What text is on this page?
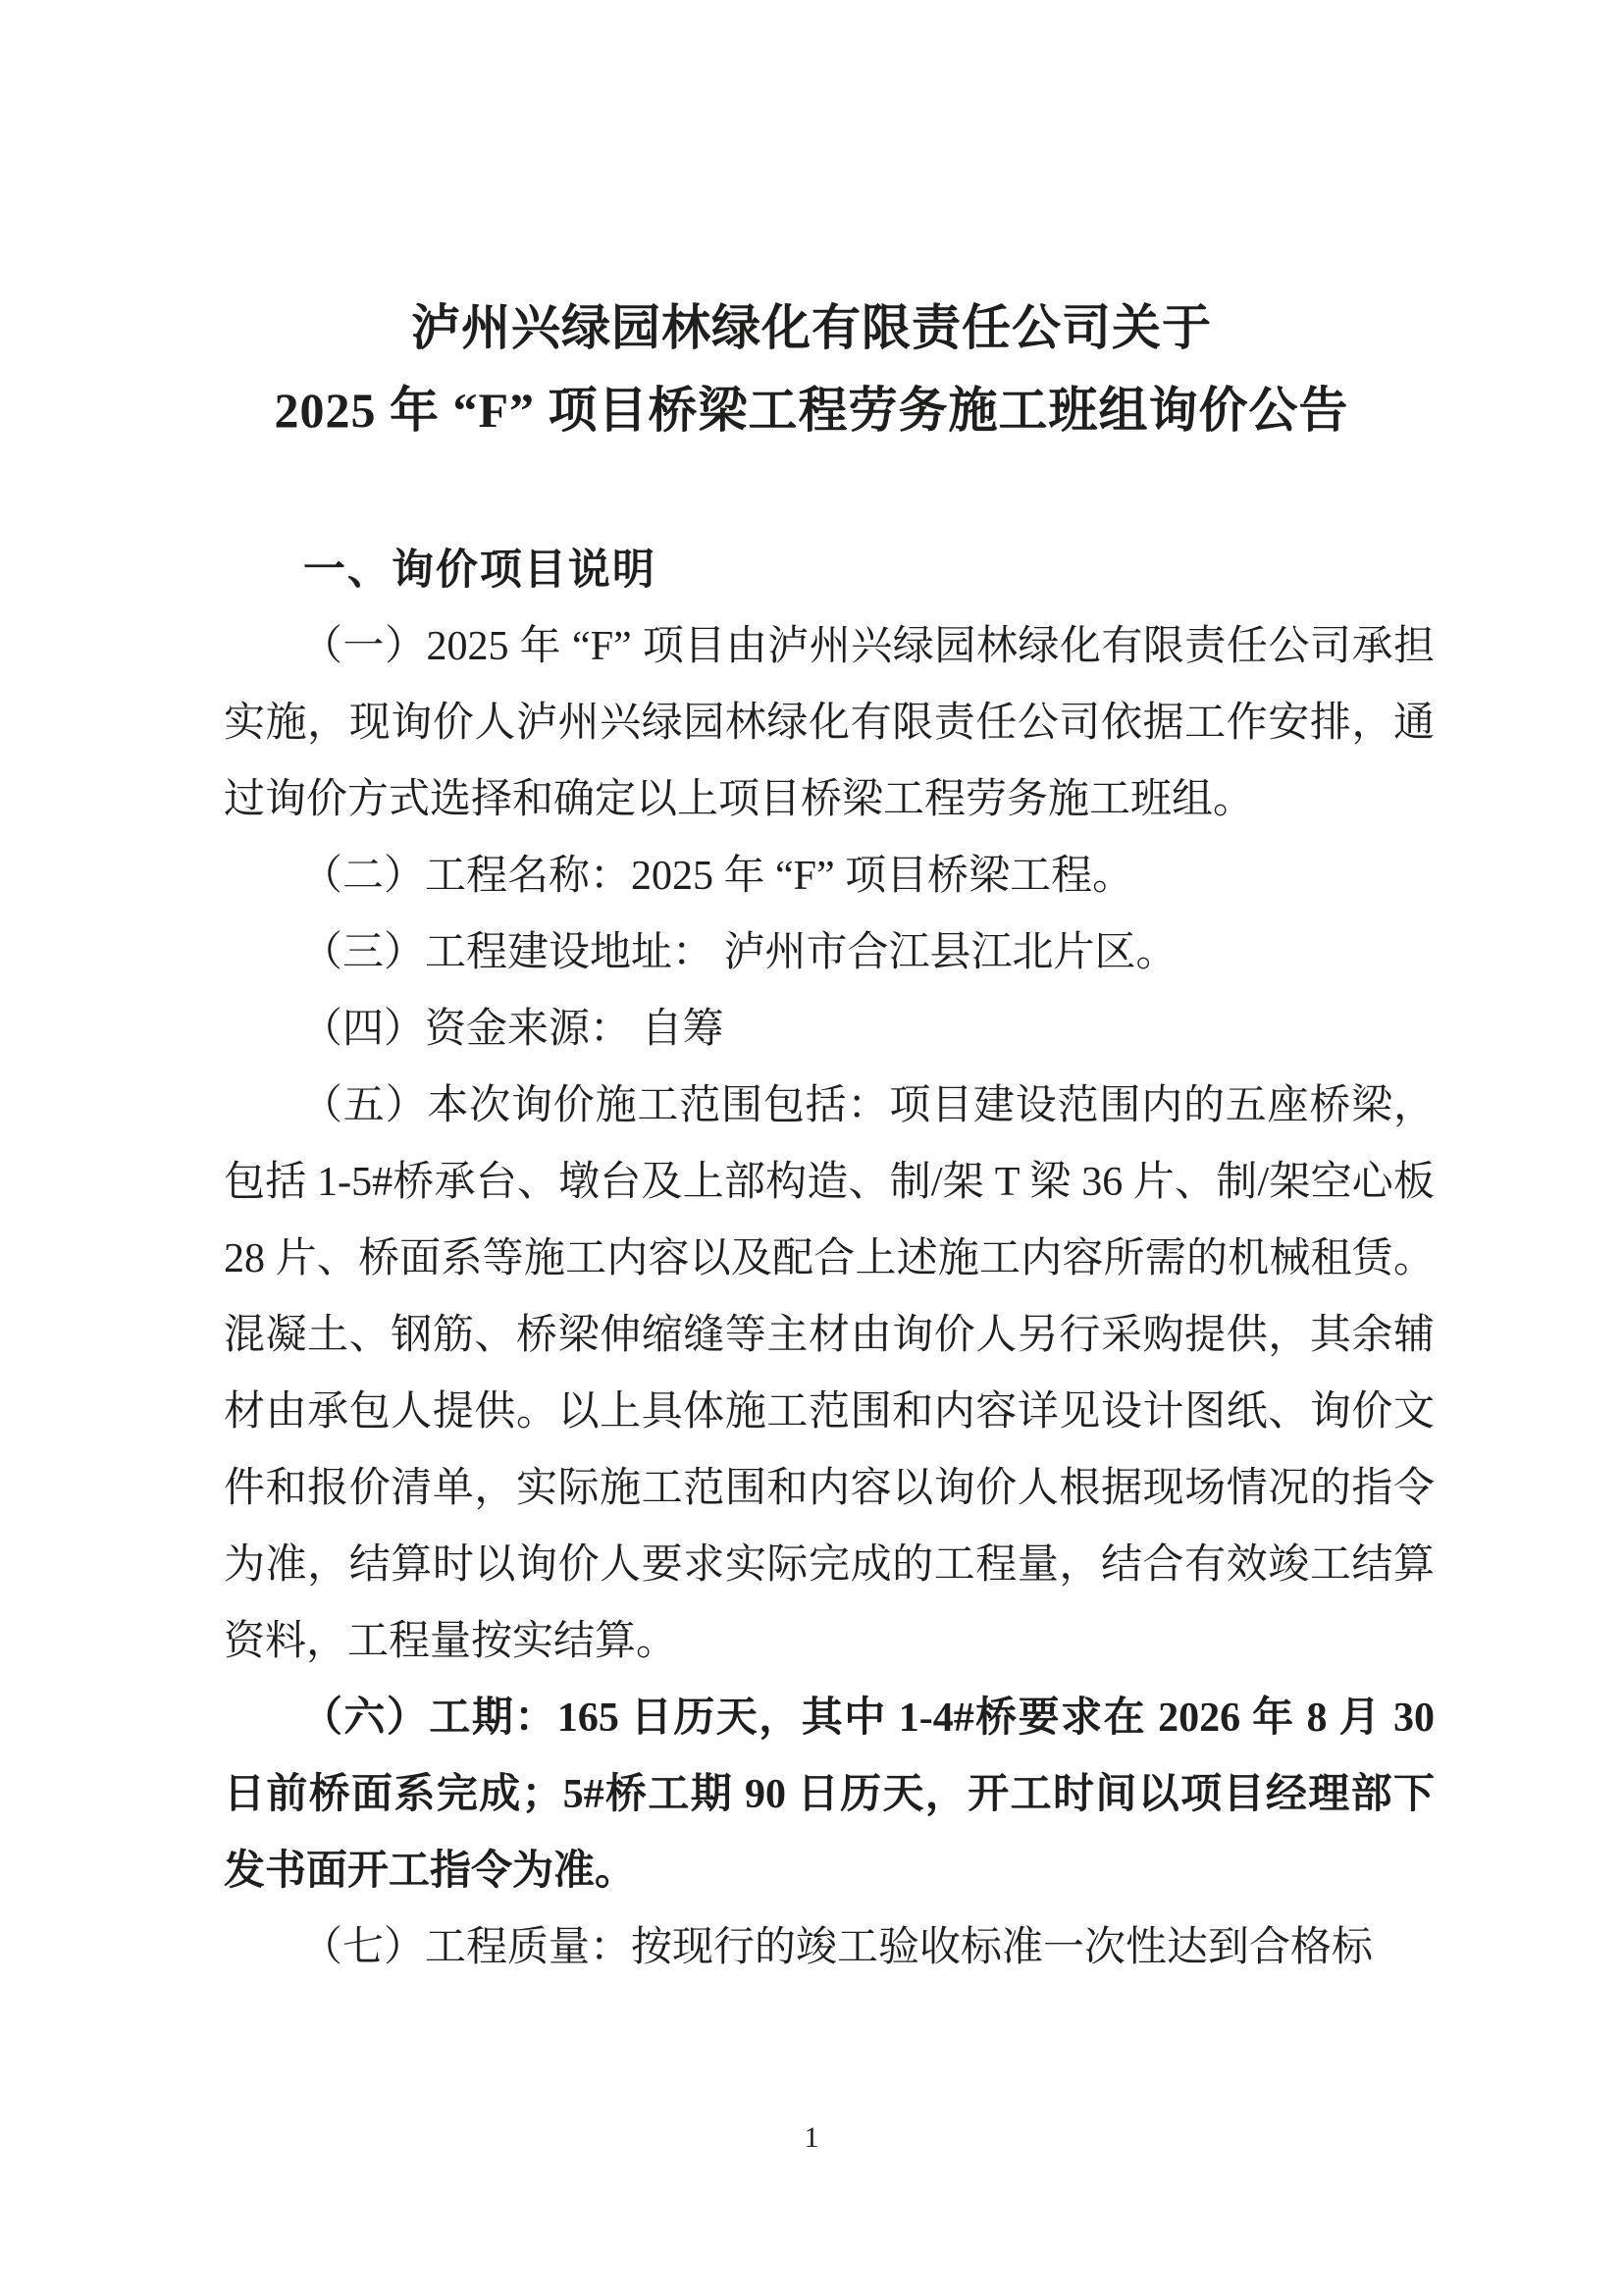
泸州兴绿园林绿化有限责任公司关于
2025 年 “F” 项目桥梁工程劳务施工班组询价公告

一、询价项目说明

（一）2025 年 “F” 项目由泸州兴绿园林绿化有限责任公司承担实施，现询价人泸州兴绿园林绿化有限责任公司依据工作安排，通过询价方式选择和确定以上项目桥梁工程劳务施工班组。

（二）工程名称：2025 年 “F” 项目桥梁工程。

（三）工程建设地址： 泸州市合江县江北片区。

（四）资金来源： 自筹

（五）本次询价施工范围包括：项目建设范围内的五座桥梁，包括 1-5#桥承台、墩台及上部构造、制/架 T 梁 36 片、制/架空心板 28 片、桥面系等施工内容以及配合上述施工内容所需的机械租赁。混凝土、钢筋、桥梁伸缩缝等主材由询价人另行采购提供，其余辅材由承包人提供。以上具体施工范围和内容详见设计图纸、询价文件和报价清单，实际施工范围和内容以询价人根据现场情况的指令为准，结算时以询价人要求实际完成的工程量，结合有效竣工结算资料，工程量按实结算。

（六）工期：165 日历天，其中 1-4#桥要求在 2026 年 8 月 30 日前桥面系完成；5#桥工期 90 日历天，开工时间以项目经理部下发书面开工指令为准。

（七）工程质量：按现行的竣工验收标准一次性达到合格标

1
